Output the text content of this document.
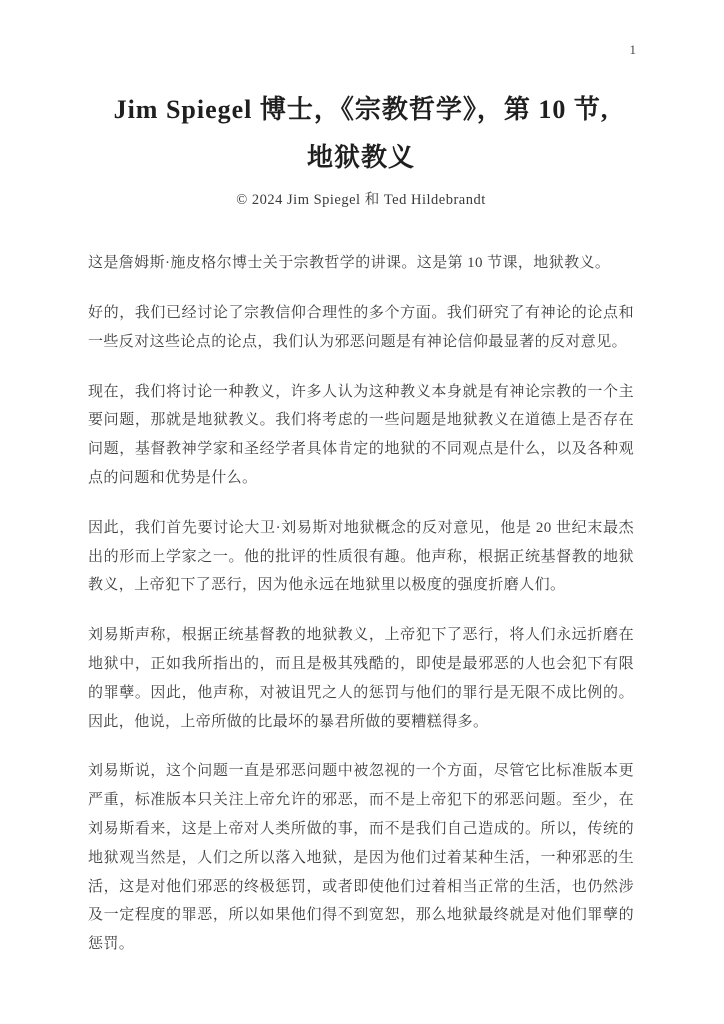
1
Jim Spiegel 博士，《宗教哲学》，第 10 节,
地狱教义
© 2024 Jim Spiegel 和 Ted Hildebrandt

这是詹姆斯·施皮格尔博士关于宗教哲学的讲课。这是第 10 节课，地狱教义。

好的，我们已经讨论了宗教信仰合理性的多个方面。我们研究了有神论的论点和一些反对这些论点的论点，我们认为邪恶问题是有神论信仰最显著的反对意见。

现在，我们将讨论一种教义，许多人认为这种教义本身就是有神论宗教的一个主要问题，那就是地狱教义。我们将考虑的一些问题是地狱教义在道德上是否存在问题，基督教神学家和圣经学者具体肯定的地狱的不同观点是什么，以及各种观点的问题和优势是什么。

因此，我们首先要讨论大卫·刘易斯对地狱概念的反对意见，他是 20 世纪末最杰出的形而上学家之一。他的批评的性质很有趣。他声称，根据正统基督教的地狱教义，上帝犯下了恶行，因为他永远在地狱里以极度的强度折磨人们。

刘易斯声称，根据正统基督教的地狱教义，上帝犯下了恶行，将人们永远折磨在地狱中，正如我所指出的，而且是极其残酷的，即使是最邪恶的人也会犯下有限的罪孽。因此，他声称，对被诅咒之人的惩罚与他们的罪行是无限不成比例的。因此，他说，上帝所做的比最坏的暴君所做的要糟糕得多。

刘易斯说，这个问题一直是邪恶问题中被忽视的一个方面，尽管它比标准版本更严重，标准版本只关注上帝允许的邪恶，而不是上帝犯下的邪恶问题。至少，在刘易斯看来，这是上帝对人类所做的事，而不是我们自己造成的。所以，传统的地狱观当然是，人们之所以落入地狱，是因为他们过着某种生活，一种邪恶的生活，这是对他们邪恶的终极惩罚，或者即使他们过着相当正常的生活，也仍然涉及一定程度的罪恶，所以如果他们得不到宽恕，那么地狱最终就是对他们罪孽的惩罚。
